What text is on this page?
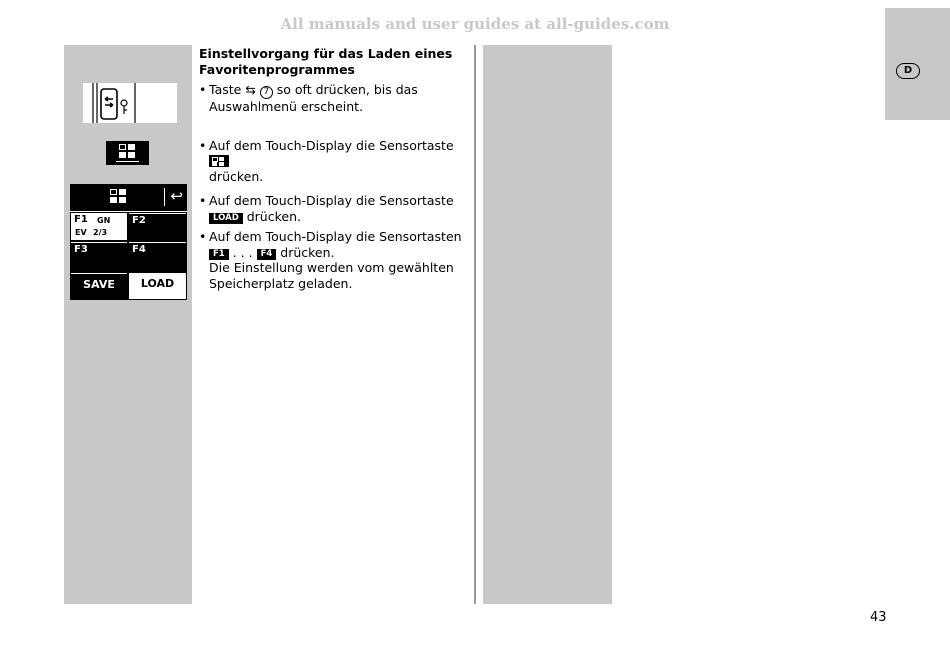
All manuals and user guides at all-guides.com
D
↩
F1 GN
EV 2/3
F2
F3	F4
SAVE	LOAD

Einstellvorgang für das Laden eines

Favoritenprogrammes

• Taste ⇆ 7 so oft drücken, bis das
Auswahlmenü erscheint.
• Auf dem Touch-Display die Sensortaste

drücken.
• Auf dem Touch-Display die Sensortaste
LOAD drücken.
• Auf dem Touch-Display die Sensortasten
F1 . . . F4 drücken.
Die Einstellung werden vom gewählten
Speicherplatz geladen.
43
